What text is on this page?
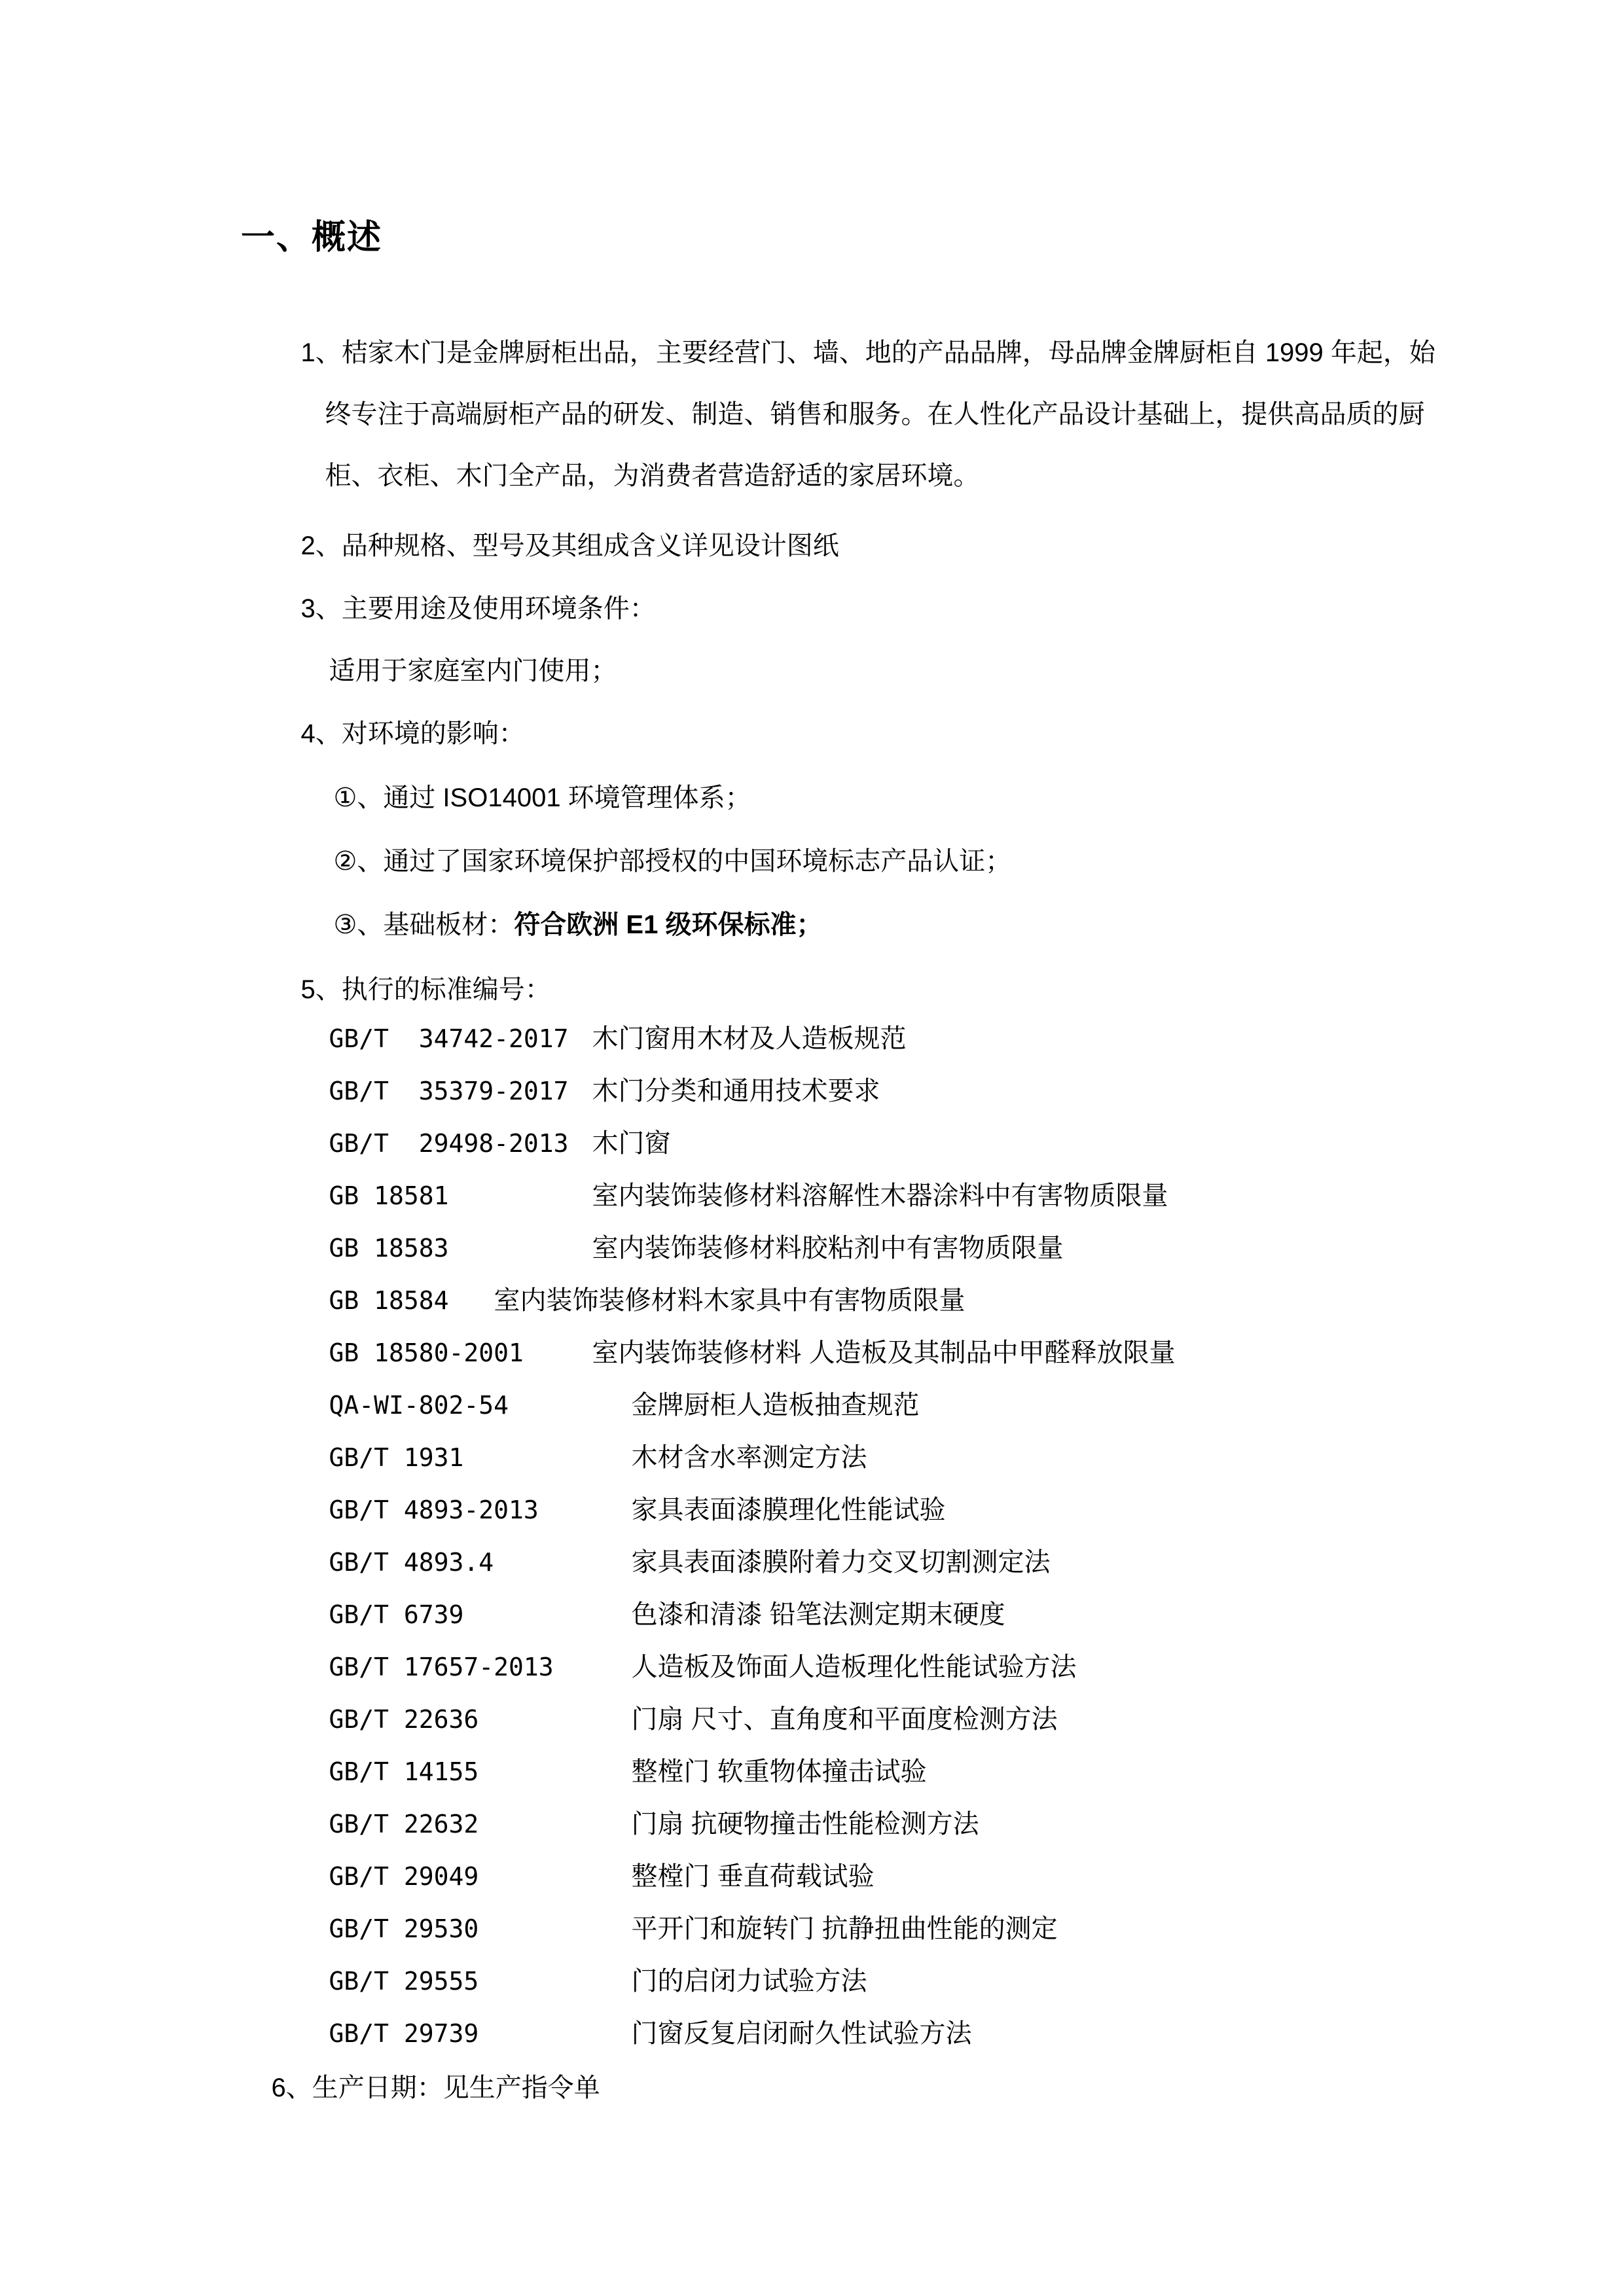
一、概述

1、桔家木门是金牌厨柜出品，主要经营门、墙、地的产品品牌，母品牌金牌厨柜自 1999 年起，始

终专注于高端厨柜产品的研发、制造、销售和服务。在人性化产品设计基础上，提供高品质的厨

柜、衣柜、木门全产品，为消费者营造舒适的家居环境。

2、品种规格、型号及其组成含义详见设计图纸

3、主要用途及使用环境条件：

适用于家庭室内门使用；

4、对环境的影响：

①、通过 ISO14001 环境管理体系；

②、通过了国家环境保护部授权的中国环境标志产品认证；

③、基础板材：符合欧洲 E1 级环保标准；

5、执行的标准编号：

GB/T  34742-2017 木门窗用木材及人造板规范

GB/T  35379-2017 木门分类和通用技术要求

GB/T  29498-2013 木门窗

GB 18581	室内装饰装修材料溶解性木器涂料中有害物质限量

GB 18583	室内装饰装修材料胶粘剂中有害物质限量

GB 18584 室内装饰装修材料木家具中有害物质限量

GB 18580-2001	室内装饰装修材料 人造板及其制品中甲醛释放限量

QA-WI-802-54	金牌厨柜人造板抽查规范

GB/T 1931	木材含水率测定方法

GB/T 4893-2013	家具表面漆膜理化性能试验

GB/T 4893.4	家具表面漆膜附着力交叉切割测定法

GB/T 6739	色漆和清漆 铅笔法测定期末硬度

GB/T 17657-2013	人造板及饰面人造板理化性能试验方法

GB/T 22636	门扇 尺寸、直角度和平面度检测方法

GB/T 14155	整樘门 软重物体撞击试验

GB/T 22632	门扇 抗硬物撞击性能检测方法

GB/T 29049	整樘门 垂直荷载试验

GB/T 29530	平开门和旋转门 抗静扭曲性能的测定

GB/T 29555	门的启闭力试验方法

GB/T 29739	门窗反复启闭耐久性试验方法

6、生产日期：见生产指令单
